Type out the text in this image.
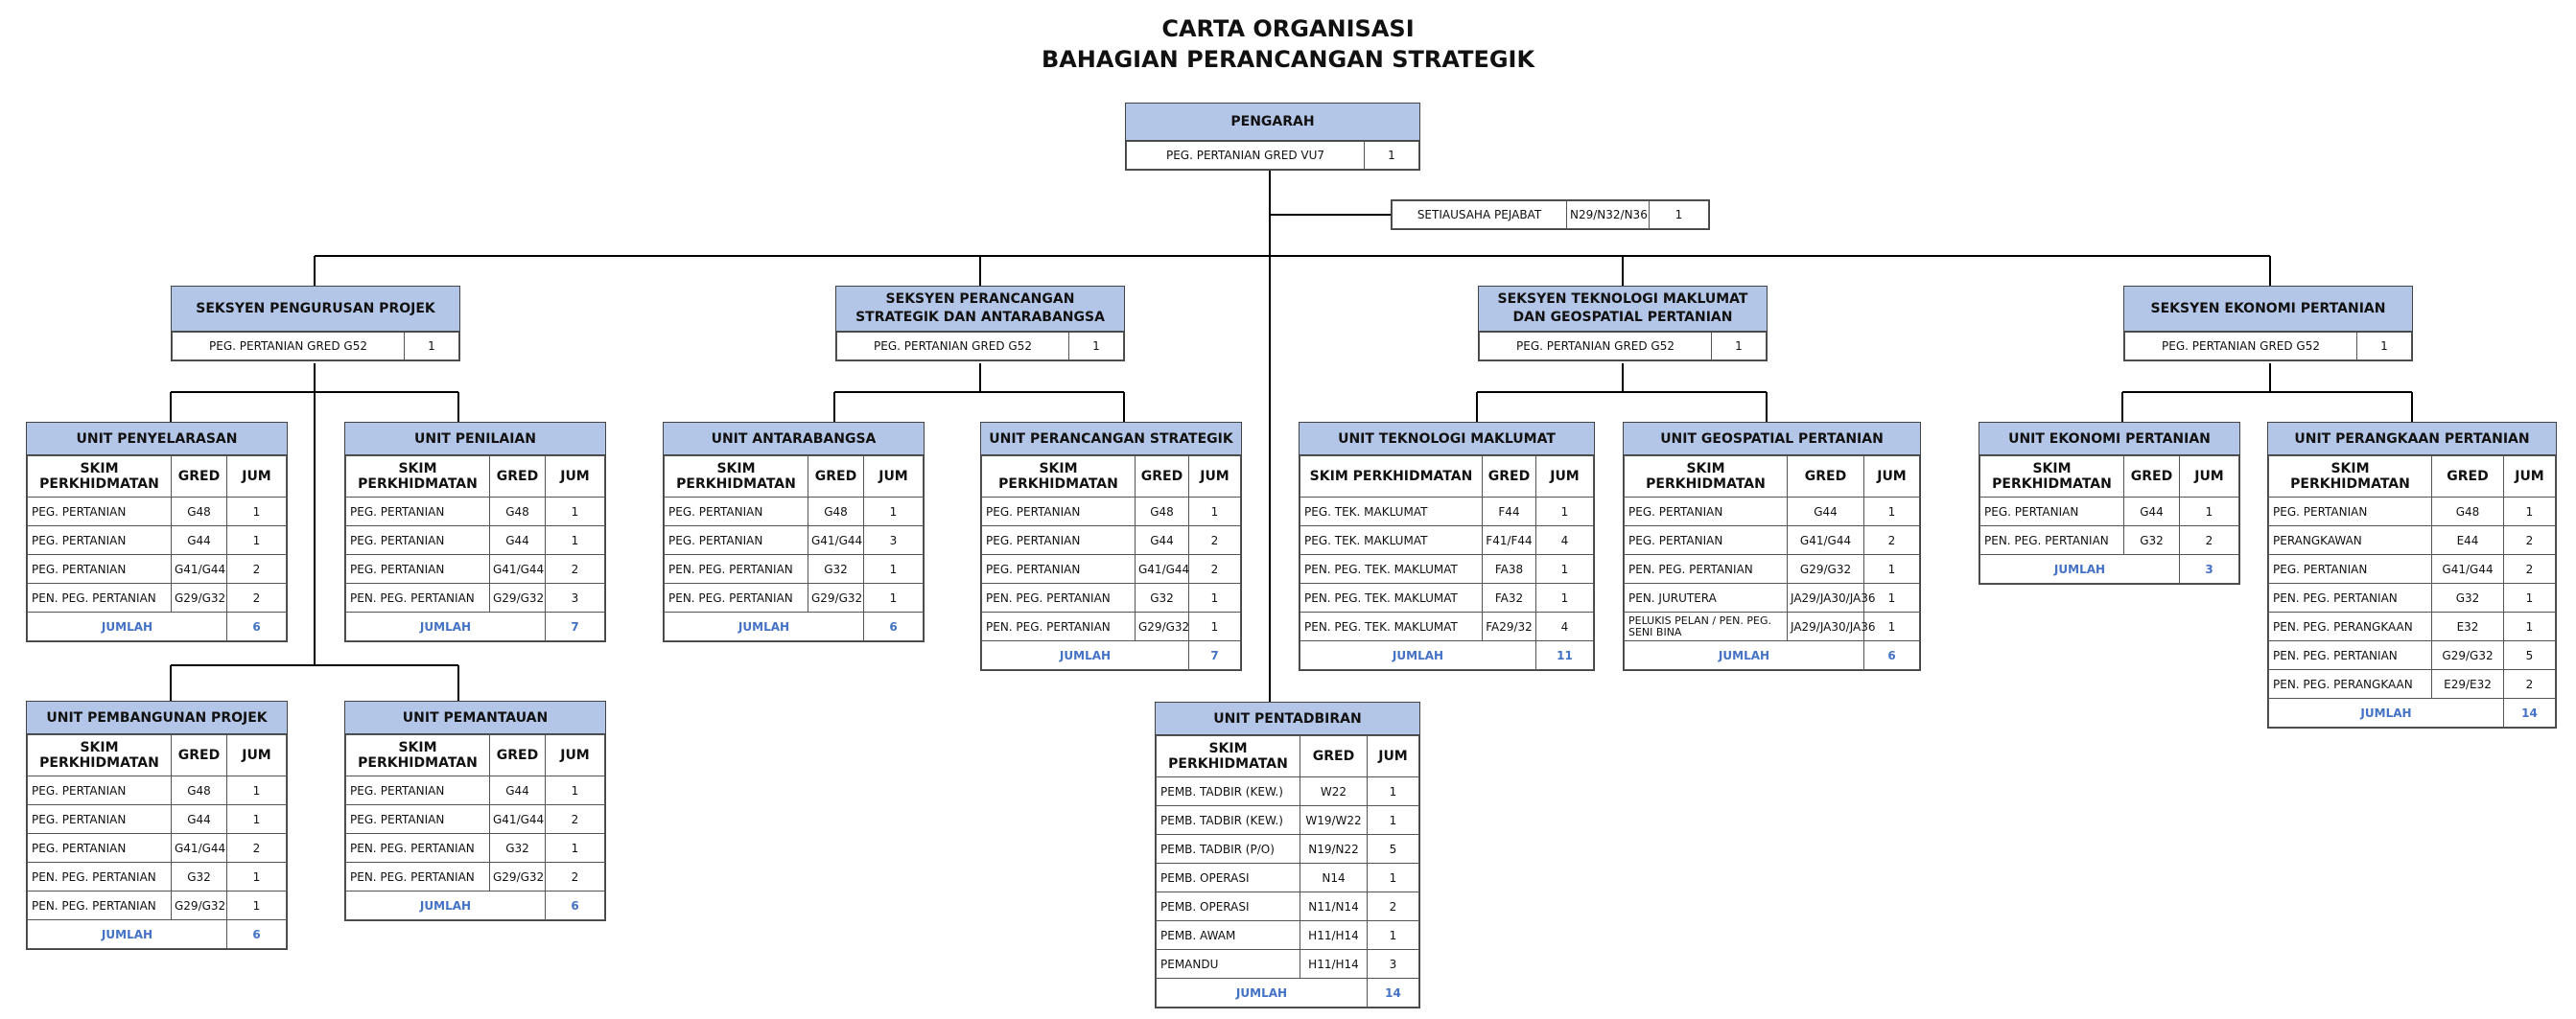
CARTA ORGANISASI
BAHAGIAN PERANCANGAN STRATEGIK
PENGARAH
PEG. PERTANIAN GRED VU7	1
SETIAUSAHA PEJABAT	N29/N32/N36	1
SEKSYEN PENGURUSAN PROJEK
PEG. PERTANIAN GRED G52	1
SEKSYEN PERANCANGAN STRATEGIK DAN ANTARABANGSA
PEG. PERTANIAN GRED G52	1
SEKSYEN TEKNOLOGI MAKLUMAT DAN GEOSPATIAL PERTANIAN
PEG. PERTANIAN GRED G52	1
SEKSYEN EKONOMI PERTANIAN
PEG. PERTANIAN GRED G52	1
UNIT PENYELARASAN
SKIM PERKHIDMATAN	GRED	JUM
PEG. PERTANIAN	G48	1
PEG. PERTANIAN	G44	1
PEG. PERTANIAN	G41/G44	2
PEN. PEG. PERTANIAN	G29/G32	2
JUMLAH		6
UNIT PENILAIAN
SKIM PERKHIDMATAN	GRED	JUM
PEG. PERTANIAN	G48	1
PEG. PERTANIAN	G44	1
PEG. PERTANIAN	G41/G44	2
PEN. PEG. PERTANIAN	G29/G32	3
JUMLAH		7
UNIT PEMBANGUNAN PROJEK
SKIM PERKHIDMATAN	GRED	JUM
PEG. PERTANIAN	G48	1
PEG. PERTANIAN	G44	1
PEG. PERTANIAN	G41/G44	2
PEN. PEG. PERTANIAN	G32	1
PEN. PEG. PERTANIAN	G29/G32	1
JUMLAH		6
UNIT PEMANTAUAN
SKIM PERKHIDMATAN	GRED	JUM
PEG. PERTANIAN	G44	1
PEG. PERTANIAN	G41/G44	2
PEN. PEG. PERTANIAN	G32	1
PEN. PEG. PERTANIAN	G29/G32	2
JUMLAH		6
UNIT ANTARABANGSA
SKIM PERKHIDMATAN	GRED	JUM
PEG. PERTANIAN	G48	1
PEG. PERTANIAN	G41/G44	3
PEN. PEG. PERTANIAN	G32	1
PEN. PEG. PERTANIAN	G29/G32	1
JUMLAH		6
UNIT PERANCANGAN STRATEGIK
SKIM PERKHIDMATAN	GRED	JUM
PEG. PERTANIAN	G48	1
PEG. PERTANIAN	G44	2
PEG. PERTANIAN	G41/G44	2
PEN. PEG. PERTANIAN	G32	1
PEN. PEG. PERTANIAN	G29/G32	1
JUMLAH		7
UNIT TEKNOLOGI MAKLUMAT
SKIM PERKHIDMATAN	GRED	JUM
PEG. TEK. MAKLUMAT	F44	1
PEG. TEK. MAKLUMAT	F41/F44	4
PEN. PEG. TEK. MAKLUMAT	FA38	1
PEN. PEG. TEK. MAKLUMAT	FA32	1
PEN. PEG. TEK. MAKLUMAT	FA29/32	4
JUMLAH		11
UNIT GEOSPATIAL PERTANIAN
SKIM PERKHIDMATAN	GRED	JUM
PEG. PERTANIAN	G44	1
PEG. PERTANIAN	G41/G44	2
PEN. PEG. PERTANIAN	G29/G32	1
PEN. JURUTERA	JA29/JA30/JA36	1
PELUKIS PELAN / PEN. PEG. SENI BINA	JA29/JA30/JA36	1
JUMLAH		6
UNIT EKONOMI PERTANIAN
SKIM PERKHIDMATAN	GRED	JUM
PEG. PERTANIAN	G44	1
PEN. PEG. PERTANIAN	G32	2
JUMLAH		3
UNIT PERANGKAAN PERTANIAN
SKIM PERKHIDMATAN	GRED	JUM
PEG. PERTANIAN	G48	1
PERANGKAWAN	E44	2
PEG. PERTANIAN	G41/G44	2
PEN. PEG. PERTANIAN	G32	1
PEN. PEG. PERANGKAAN	E32	1
PEN. PEG. PERTANIAN	G29/G32	5
PEN. PEG. PERANGKAAN	E29/E32	2
JUMLAH		14
UNIT PENTADBIRAN
SKIM PERKHIDMATAN	GRED	JUM
PEMB. TADBIR (KEW.)	W22	1
PEMB. TADBIR (KEW.)	W19/W22	1
PEMB. TADBIR (P/O)	N19/N22	5
PEMB. OPERASI	N14	1
PEMB. OPERASI	N11/N14	2
PEMB. AWAM	H11/H14	1
PEMANDU	H11/H14	3
JUMLAH		14
